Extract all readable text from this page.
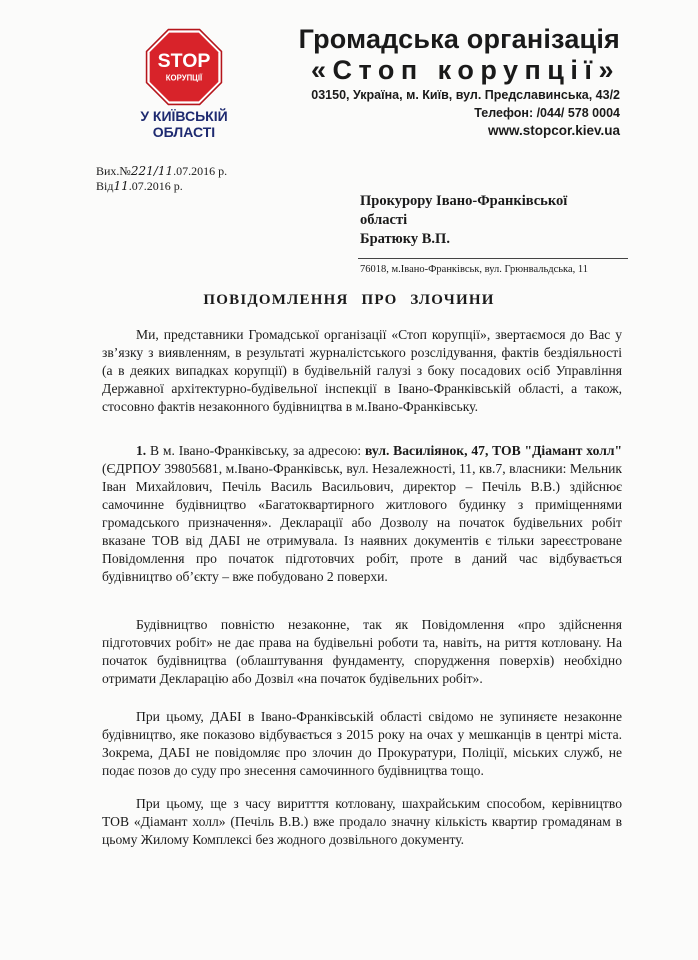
STOP
КОРУПЦІЇ
У КИЇВСЬКІЙ
ОБЛАСТІ
Громадська організація
«Стоп корупції»
03150, Україна, м. Київ, вул. Предславинська, 43/2
Телефон: /044/ 578 0004
www.stopcor.kiev.ua
Вих.№221/11.07.2016 р.
Від11.07.2016 р.
Прокурору Івано-Франківської
області
Братюку В.П.
76018, м.Івано-Франківськ, вул. Грюнвальдська, 11
ПОВІДОМЛЕННЯ ПРО ЗЛОЧИНИ

Ми, представники Громадської організації «Стоп корупції», звертаємося до Вас у зв’язку з виявленням, в результаті журналістського розслідування, фактів бездіяльності (а в деяких випадках корупції) в будівельній галузі з боку посадових осіб Управління Державної архітектурно-будівельної інспекції в Івано-Франківській області, а також, стосовно фактів незаконного будівництва в м.Івано-Франківську.

1. В м. Івано-Франківську, за адресою: вул. Василіянок, 47, ТОВ "Діамант холл" (ЄДРПОУ 39805681, м.Івано-Франківськ, вул. Незалежності, 11, кв.7, власники: Мельник Іван Михайлович, Печіль Василь Васильович, директор – Печіль В.В.) здійснює самочинне будівництво «Багатоквартирного житлового будинку з приміщеннями громадського призначення». Декларації або Дозволу на початок будівельних робіт вказане ТОВ від ДАБІ не отримувала. Із наявних документів є тільки зареєстроване Повідомлення про початок підготовчих робіт, проте в даний час відбувається будівництво об’єкту – вже побудовано 2 поверхи.

Будівництво повністю незаконне, так як Повідомлення «про здійснення підготовчих робіт» не дає права на будівельні роботи та, навіть, на риття котловану. На початок будівництва (облаштування фундаменту, спорудження поверхів) необхідно отримати Декларацію або Дозвіл «на початок будівельних робіт».

При цьому, ДАБІ в Івано-Франківській області свідомо не зупиняєте незаконне будівництво, яке показово відбувається з 2015 року на очах у мешканців в центрі міста. Зокрема, ДАБІ не повідомляє про злочин до Прокуратури, Поліції, міських служб, не подає позов до суду про знесення самочинного будівництва тощо.

При цьому, ще з часу виритття котловану, шахрайським способом, керівництво ТОВ «Діамант холл» (Печіль В.В.) вже продало значну кількість квартир громадянам в цьому Жилому Комплексі без жодного дозвільного документу.
